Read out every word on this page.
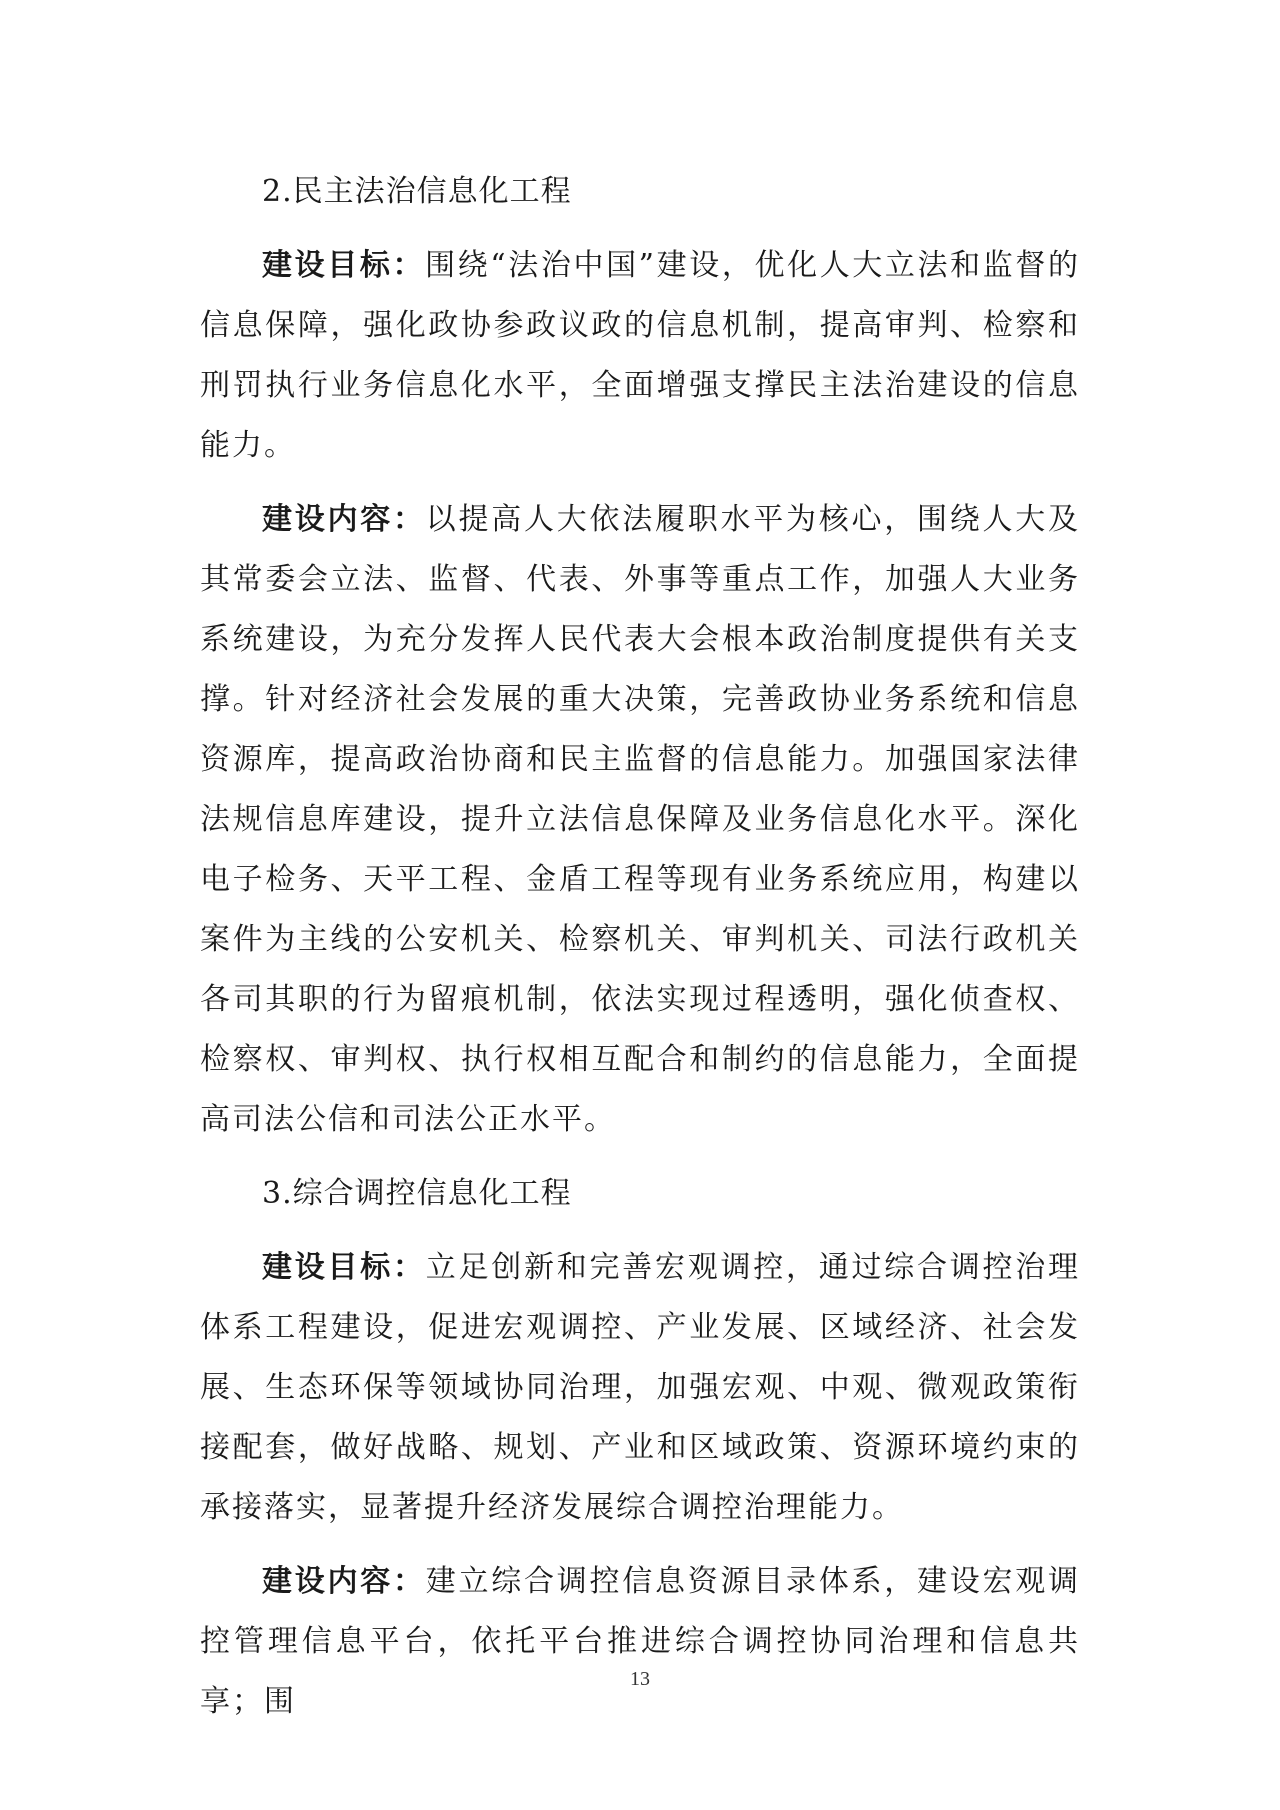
2.民主法治信息化工程

建设目标：围绕“法治中国”建设，优化人大立法和监督的信息保障，强化政协参政议政的信息机制，提高审判、检察和刑罚执行业务信息化水平，全面增强支撑民主法治建设的信息能力。

建设内容：以提高人大依法履职水平为核心，围绕人大及其常委会立法、监督、代表、外事等重点工作，加强人大业务系统建设，为充分发挥人民代表大会根本政治制度提供有关支撑。针对经济社会发展的重大决策，完善政协业务系统和信息资源库，提高政治协商和民主监督的信息能力。加强国家法律法规信息库建设，提升立法信息保障及业务信息化水平。深化电子检务、天平工程、金盾工程等现有业务系统应用，构建以案件为主线的公安机关、检察机关、审判机关、司法行政机关各司其职的行为留痕机制，依法实现过程透明，强化侦查权、检察权、审判权、执行权相互配合和制约的信息能力，全面提高司法公信和司法公正水平。

3.综合调控信息化工程

建设目标：立足创新和完善宏观调控，通过综合调控治理体系工程建设，促进宏观调控、产业发展、区域经济、社会发展、生态环保等领域协同治理，加强宏观、中观、微观政策衔接配套，做好战略、规划、产业和区域政策、资源环境约束的承接落实，显著提升经济发展综合调控治理能力。

建设内容：建立综合调控信息资源目录体系，建设宏观调控管理信息平台，依托平台推进综合调控协同治理和信息共享；围

13
